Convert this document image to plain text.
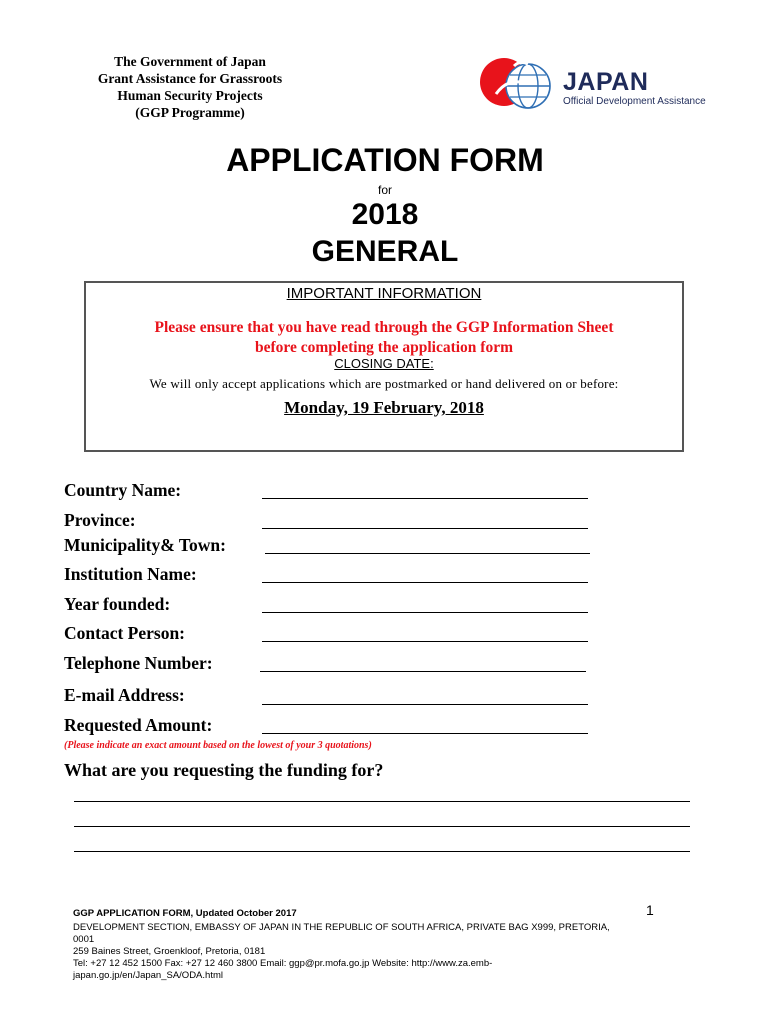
The Government of Japan
Grant Assistance for Grassroots
Human Security Projects
(GGP Programme)
JAPAN
Official Development Assistance
APPLICATION FORM
for
2018
GENERAL
IMPORTANT INFORMATION
Please ensure that you have read through the GGP Information Sheet
before completing the application form
CLOSING DATE:
We will only accept applications which are postmarked or hand delivered on or before:
Monday, 19 February, 2018
Country Name:
Province:
Municipality& Town:
Institution Name:
Year founded:
Contact Person:
Telephone Number:
E-mail Address:
Requested Amount:
(Please indicate an exact amount based on the lowest of your 3 quotations)
What are you requesting the funding for?
GGP APPLICATION FORM, Updated October 2017	1
DEVELOPMENT SECTION, EMBASSY OF JAPAN IN THE REPUBLIC OF SOUTH AFRICA, PRIVATE BAG X999, PRETORIA,
0001
259 Baines Street, Groenkloof, Pretoria, 0181
Tel: +27 12 452 1500 Fax: +27 12 460 3800 Email: ggp@pr.mofa.go.jp Website: http://www.za.emb-
japan.go.jp/en/Japan_SA/ODA.html
